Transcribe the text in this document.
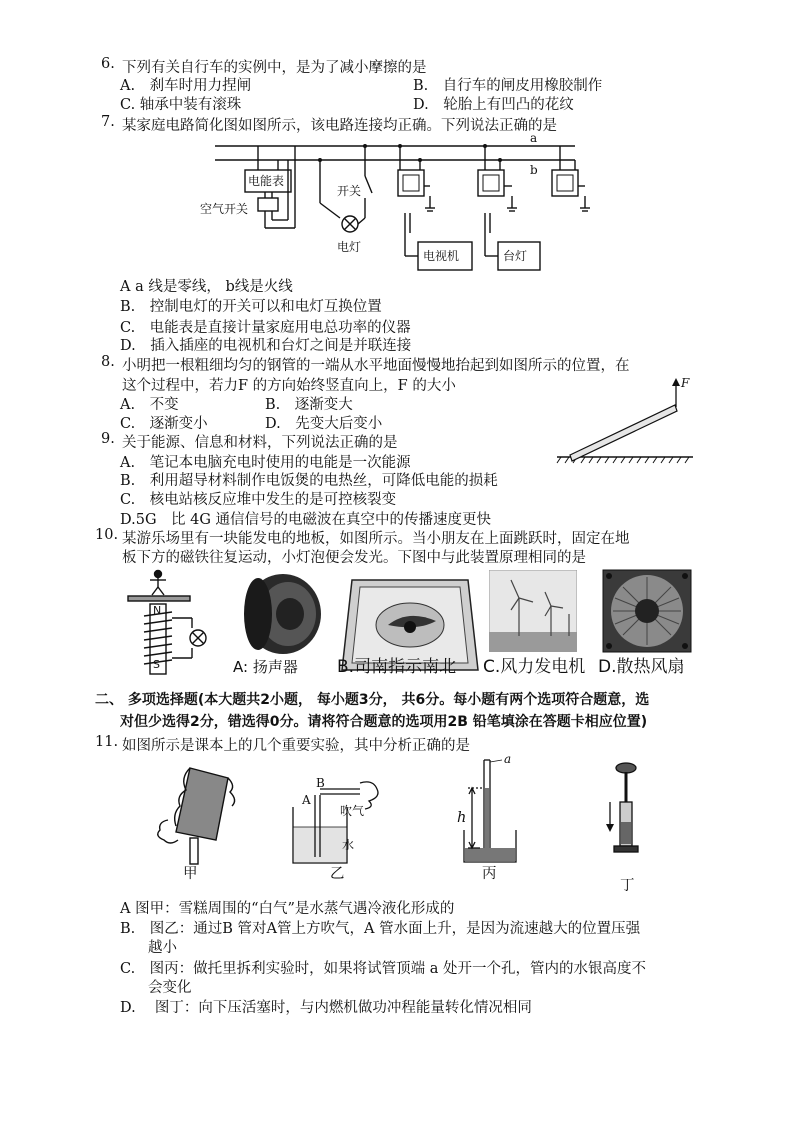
6. 下列有关自行车的实例中，是为了减小摩擦的是
A.　刹车时用力捏闸	B.　自行车的闸皮用橡胶制作
C. 轴承中装有滚珠	D.　轮胎上有凹凸的花纹
7. 某家庭电路简化图如图所示，该电路连接均正确。下列说法正确的是
电能表
空气开关
开关
电灯
电视机	台灯
a
b
A a 线是零线， b线是火线
B.　控制电灯的开关可以和电灯互换位置
C.　电能表是直接计量家庭用电总功率的仪器
D.　插入插座的电视机和台灯之间是并联连接
8. 小明把一根粗细均匀的钢管的一端从水平地面慢慢地抬起到如图所示的位置，在
这个过程中，若力F 的方向始终竖直向上，F 的大小
A.　不变	B.　逐渐变大
C.　逐渐变小	D.　先变大后变小
F
9. 关于能源、信息和材料，下列说法正确的是
A.　笔记本电脑充电时使用的电能是一次能源
B.　利用超导材料制作电饭煲的电热丝，可降低电能的损耗
C.　核电站核反应堆中发生的是可控核裂变
D.5G　比 4G 通信信号的电磁波在真空中的传播速度更快
10. 某游乐场里有一块能发电的地板，如图所示。当小朋友在上面跳跃时，固定在地
板下方的磁铁往复运动，小灯泡便会发光。下图中与此装置原理相同的是
N
S	A: 扬声器 B.司南指示南北 C.风力发电机 D.散热风扇
二、 多项选择题(本大题共2小题， 每小题3分， 共6分。每小题有两个选项符合题意，选
对但少选得2分，错选得0分。请将符合题意的选项用2B 铅笔填涂在答题卡相应位置)
11. 如图所示是课本上的几个重要实验，其中分析正确的是
甲
B
A
吹气
水
乙
a
h
丙
丁
A 图甲：雪糕周围的“白气”是水蒸气遇冷液化形成的
B.　图乙：通过B 管对A管上方吹气，A 管水面上升，是因为流速越大的位置压强
越小
C.　图丙：做托里拆利实验时，如果将试管顶端 a 处开一个孔，管内的水银高度不
会变化
D.　 图丁：向下压活塞时，与内燃机做功冲程能量转化情况相同
